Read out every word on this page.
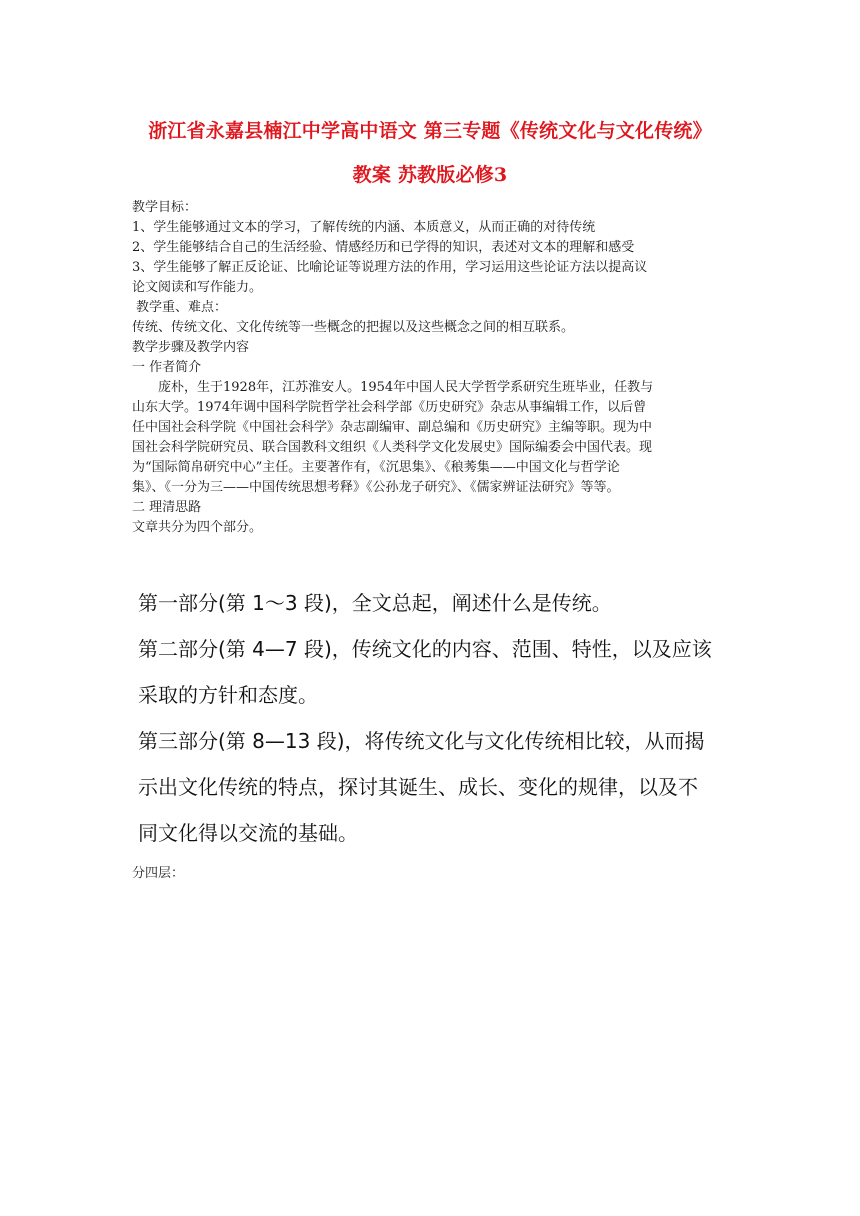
浙江省永嘉县楠江中学高中语文 第三专题《传统文化与文化传统》
教案 苏教版必修3

教学目标：

1、学生能够通过文本的学习，了解传统的内涵、本质意义，从而正确的对待传统

2、学生能够结合自己的生活经验、情感经历和已学得的知识，表述对文本的理解和感受

3、学生能够了解正反论证、比喻论证等说理方法的作用，学习运用这些论证方法以提高议

论文阅读和写作能力。

教学重、难点：

传统、传统文化、文化传统等一些概念的把握以及这些概念之间的相互联系。

教学步骤及教学内容

一 作者简介

庞朴，生于1928年，江苏淮安人。1954年中国人民大学哲学系研究生班毕业，任教与

山东大学。1974年调中国科学院哲学社会科学部《历史研究》杂志从事编辑工作，以后曾

任中国社会科学院《中国社会科学》杂志副编审、副总编和《历史研究》主编等职。现为中

国社会科学院研究员、联合国教科文组织《人类科学文化发展史》国际编委会中国代表。现

为“国际简帛研究中心”主任。主要著作有，《沉思集》、《稂莠集——中国文化与哲学论

集》、《一分为三——中国传统思想考释》《公孙龙子研究》、《儒家辨证法研究》等等。

二 理清思路

文章共分为四个部分。

第一部分(第 1～3 段)，全文总起，阐述什么是传统。

第二部分(第 4—7 段)，传统文化的内容、范围、特性，以及应该

采取的方针和态度。

第三部分(第 8—13 段)，将传统文化与文化传统相比较，从而揭

示出文化传统的特点，探讨其诞生、成长、变化的规律，以及不

同文化得以交流的基础。

分四层：
